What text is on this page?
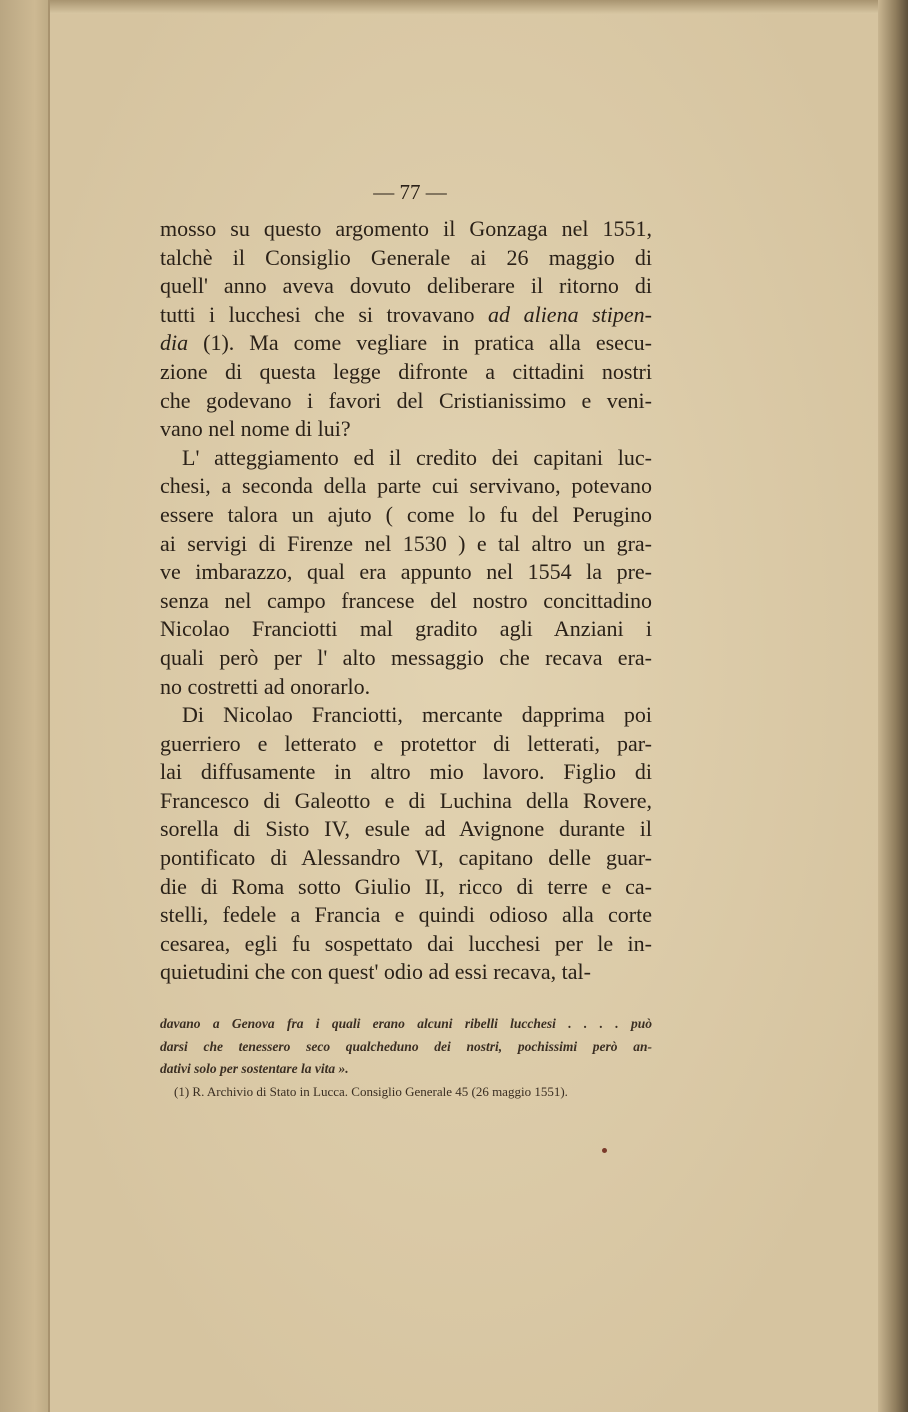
— 77 —
mosso su questo argomento il Gonzaga nel 1551,
talchè il Consiglio Generale ai 26 maggio di
quell' anno aveva dovuto deliberare il ritorno di
tutti i lucchesi che si trovavano ad aliena stipen-
dia (1). Ma come vegliare in pratica alla esecu-
zione di questa legge difronte a cittadini nostri
che godevano i favori del Cristianissimo e veni-
vano nel nome di lui?
L' atteggiamento ed il credito dei capitani luc-
chesi, a seconda della parte cui servivano, potevano
essere talora un ajuto ( come lo fu del Perugino
ai servigi di Firenze nel 1530 ) e tal altro un gra-
ve imbarazzo, qual era appunto nel 1554 la pre-
senza nel campo francese del nostro concittadino
Nicolao Franciotti mal gradito agli Anziani i
quali però per l' alto messaggio che recava era-
no costretti ad onorarlo.
Di Nicolao Franciotti, mercante dapprima poi
guerriero e letterato e protettor di letterati, par-
lai diffusamente in altro mio lavoro. Figlio di
Francesco di Galeotto e di Luchina della Rovere,
sorella di Sisto IV, esule ad Avignone durante il
pontificato di Alessandro VI, capitano delle guar-
die di Roma sotto Giulio II, ricco di terre e ca-
stelli, fedele a Francia e quindi odioso alla corte
cesarea, egli fu sospettato dai lucchesi per le in-
quietudini che con quest' odio ad essi recava, tal-
davano a Genova fra i quali erano alcuni ribelli lucchesi . . . . può
darsi che tenessero seco qualcheduno dei nostri, pochissimi però an-
dativi solo per sostentare la vita ».
(1) R. Archivio di Stato in Lucca. Consiglio Generale 45 (26 maggio 1551).
